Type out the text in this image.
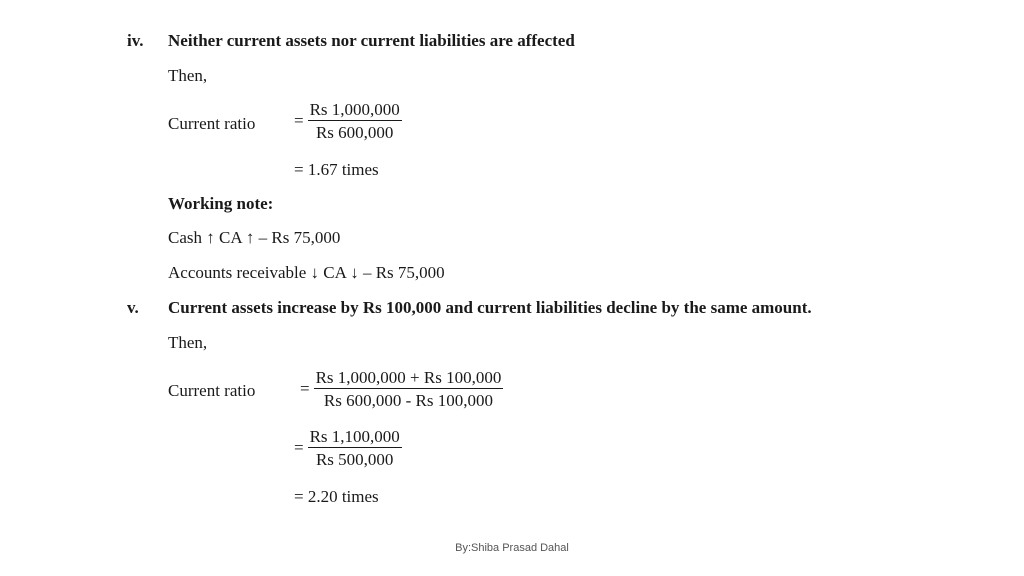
iv. Neither current assets nor current liabilities are affected
Then,
Current ratio = $\frac{Rs 1,000,000}{Rs 600,000}$
= 1.67 times
Working note:
Cash ↑ CA ↑ – Rs 75,000
Accounts receivable ↓ CA ↓ – Rs 75,000
v. Current assets increase by Rs 100,000 and current liabilities decline by the same amount.
Then,
Current ratio	= $\frac{Rs 1,000,000 + Rs 100,000}{Rs 600,000 - Rs 100,000}$
= $\frac{Rs 1,100,000}{Rs 500,000}$
= 2.20 times
By:Shiba Prasad Dahal
